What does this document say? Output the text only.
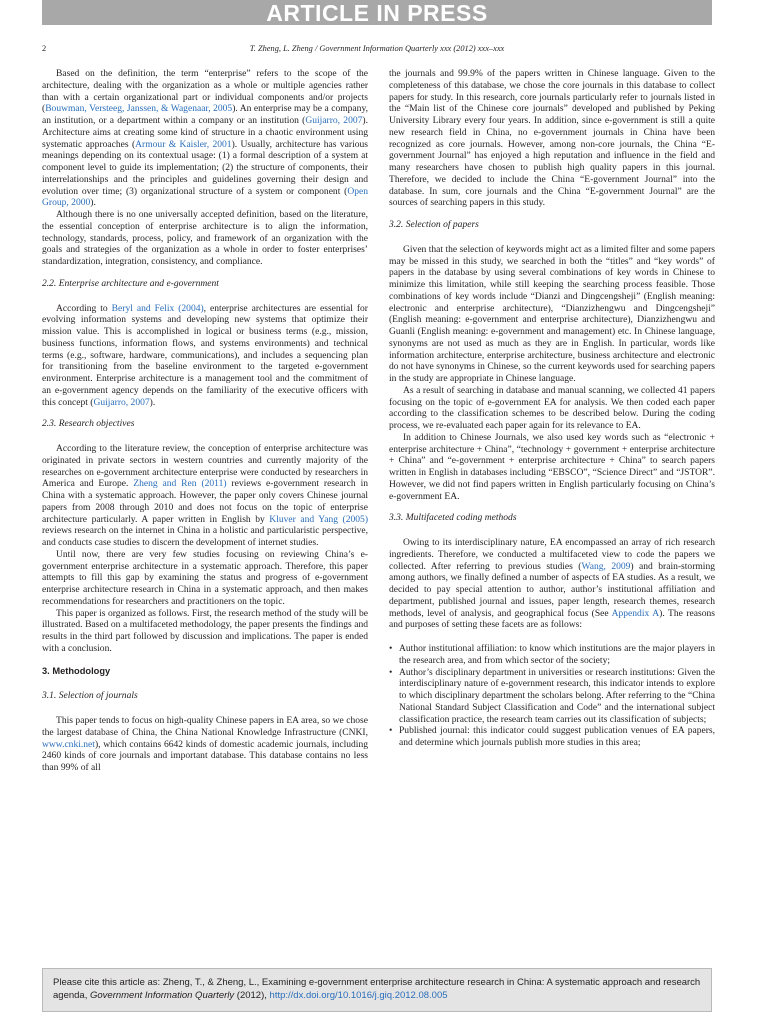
ARTICLE IN PRESS
2	T. Zheng, L. Zheng / Government Information Quarterly xxx (2012) xxx–xxx

Based on the definition, the term “enterprise” refers to the scope of the architecture, dealing with the organization as a whole or multiple agencies rather than with a certain organizational part or individual components and/or projects (Bouwman, Versteeg, Janssen, & Wagenaar, 2005). An enterprise may be a company, an institution, or a department within a company or an institution (Guijarro, 2007). Architecture aims at creating some kind of structure in a chaotic environment using systematic approaches (Armour & Kaisler, 2001). Usually, architecture has various meanings depending on its contextual usage: (1) a formal description of a system at component level to guide its implementation; (2) the structure of components, their interrelationships and the principles and guidelines governing their design and evolution over time; (3) organizational structure of a system or component (Open Group, 2000).

Although there is no one universally accepted definition, based on the literature, the essential conception of enterprise architecture is to align the information, technology, standards, process, policy, and framework of an organization with the goals and strategies of the organization as a whole in order to foster enterprises’ standardization, integration, consistency, and compliance.

2.2. Enterprise architecture and e-government

According to Beryl and Felix (2004), enterprise architectures are essential for evolving information systems and developing new systems that optimize their mission value. This is accomplished in logical or business terms (e.g., mission, business functions, information flows, and systems environments) and technical terms (e.g., software, hardware, communications), and includes a sequencing plan for transitioning from the baseline environment to the targeted e-government environment. Enterprise architecture is a management tool and the commitment of an e-government agency depends on the familiarity of the executive officers with this concept (Guijarro, 2007).

2.3. Research objectives

According to the literature review, the conception of enterprise architecture was originated in private sectors in western countries and currently majority of the researches on e-government architecture enterprise were conducted by researchers in America and Europe. Zheng and Ren (2011) reviews e-government research in China with a systematic approach. However, the paper only covers Chinese journal papers from 2008 through 2010 and does not focus on the topic of enterprise architecture particularly. A paper written in English by Kluver and Yang (2005) reviews research on the internet in China in a holistic and particularistic perspective, and conducts case studies to discern the development of internet studies.

Until now, there are very few studies focusing on reviewing China’s e-government enterprise architecture in a systematic approach. Therefore, this paper attempts to fill this gap by examining the status and progress of e-government enterprise architecture research in China in a systematic approach, and then makes recommendations for researchers and practitioners on the topic.

This paper is organized as follows. First, the research method of the study will be illustrated. Based on a multifaceted methodology, the paper presents the findings and results in the third part followed by discussion and implications. The paper is ended with a conclusion.

3. Methodology
3.1. Selection of journals

This paper tends to focus on high-quality Chinese papers in EA area, so we chose the largest database of China, the China National Knowledge Infrastructure (CNKI, www.cnki.net), which contains 6642 kinds of domestic academic journals, including 2460 kinds of core journals and important database. This database contains no less than 99% of all

the journals and 99.9% of the papers written in Chinese language. Given to the completeness of this database, we chose the core journals in this database to collect papers for study. In this research, core journals particularly refer to journals listed in the “Main list of the Chinese core journals” developed and published by Peking University Library every four years. In addition, since e-government is still a quite new research field in China, no e-government journals in China have been recognized as core journals. However, among non-core journals, the China “E-government Journal” has enjoyed a high reputation and influence in the field and many researchers have chosen to publish high quality papers in this journal. Therefore, we decided to include the China “E-government Journal” into the database. In sum, core journals and the China “E-government Journal” are the sources of searching papers in this study.

3.2. Selection of papers

Given that the selection of keywords might act as a limited filter and some papers may be missed in this study, we searched in both the “titles” and “key words” of papers in the database by using several combinations of key words in Chinese to minimize this limitation, while still keeping the searching process feasible. Those combinations of key words include “Dianzi and Dingcengsheji” (English meaning: electronic and enterprise architecture), “Dianzizhengwu and Dingcengsheji” (English meaning: e-government and enterprise architecture), Dianzizhengwu and Guanli (English meaning: e-government and management) etc. In Chinese language, synonyms are not used as much as they are in English. In particular, words like information architecture, enterprise architecture, business architecture and electronic do not have synonyms in Chinese, so the current keywords used for searching papers in the study are appropriate in Chinese language.

As a result of searching in database and manual scanning, we collected 41 papers focusing on the topic of e-government EA for analysis. We then coded each paper according to the classification schemes to be described below. During the coding process, we re-evaluated each paper again for its relevance to EA.

In addition to Chinese Journals, we also used key words such as “electronic + enterprise architecture + China”, “technology + government + enterprise architecture + China” and “e-government + enterprise architecture + China” to search papers written in English in databases including “EBSCO”, “Science Direct” and “JSTOR”. However, we did not find papers written in English particularly focusing on China’s e-government EA.

3.3. Multifaceted coding methods

Owing to its interdisciplinary nature, EA encompassed an array of rich research ingredients. Therefore, we conducted a multifaceted view to code the papers we collected. After referring to previous studies (Wang, 2009) and brain-storming among authors, we finally defined a number of aspects of EA studies. As a result, we decided to pay special attention to author, author’s institutional affiliation and department, published journal and issues, paper length, research themes, research methods, level of analysis, and geographical focus (See Appendix A). The reasons and purposes of setting these facets are as follows:

• Author institutional affiliation: to know which institutions are the major players in the research area, and from which sector of the society;
• Author’s disciplinary department in universities or research institutions: Given the interdisciplinary nature of e-government research, this indicator intends to explore to which disciplinary department the scholars belong. After referring to the “China National Standard Subject Classification and Code” and the international subject classification practice, the research team carries out its classification of subjects;
• Published journal: this indicator could suggest publication venues of EA papers, and determine which journals publish more studies in this area;
Please cite this article as: Zheng, T., & Zheng, L., Examining e-government enterprise architecture research in China: A systematic approach and research agenda, Government Information Quarterly (2012), http://dx.doi.org/10.1016/j.giq.2012.08.005
